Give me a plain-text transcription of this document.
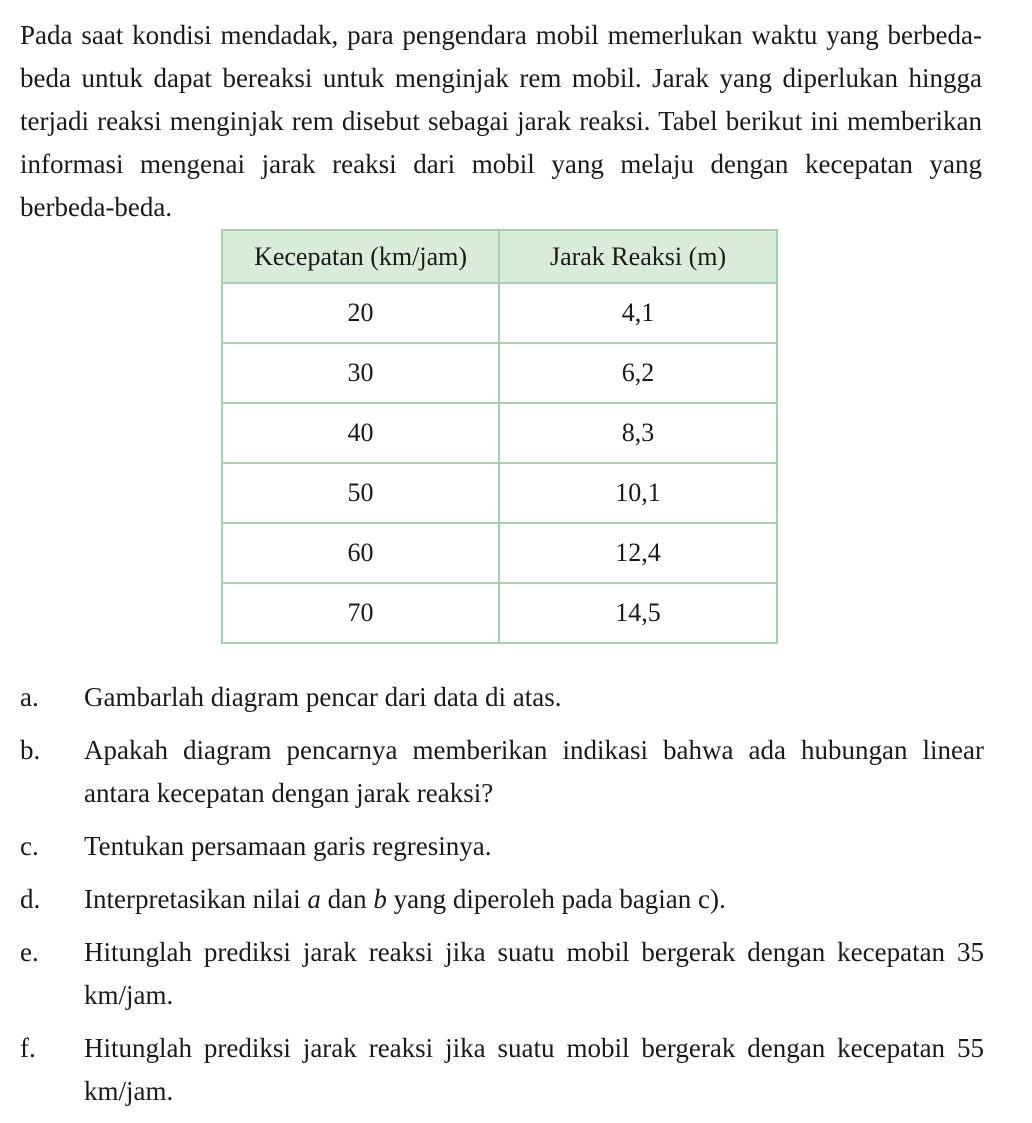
Pada saat kondisi mendadak, para pengendara mobil memerlukan waktu yang berbeda-beda untuk dapat bereaksi untuk menginjak rem mobil. Jarak yang diperlukan hingga terjadi reaksi menginjak rem disebut sebagai jarak reaksi. Tabel berikut ini memberikan informasi mengenai jarak reaksi dari mobil yang melaju dengan kecepatan yang berbeda-beda.

Kecepatan (km/jam)	Jarak Reaksi (m)
20	4,1
30	6,2
40	8,3
50	10,1
60	12,4
70	14,5
a. Gambarlah diagram pencar dari data di atas.
b. Apakah diagram pencarnya memberikan indikasi bahwa ada hubungan linear antara kecepatan dengan jarak reaksi?
c. Tentukan persamaan garis regresinya.
d. Interpretasikan nilai a dan b yang diperoleh pada bagian c).
e. Hitunglah prediksi jarak reaksi jika suatu mobil bergerak dengan kecepatan 35 km/jam.
f. Hitunglah prediksi jarak reaksi jika suatu mobil bergerak dengan kecepatan 55 km/jam.
